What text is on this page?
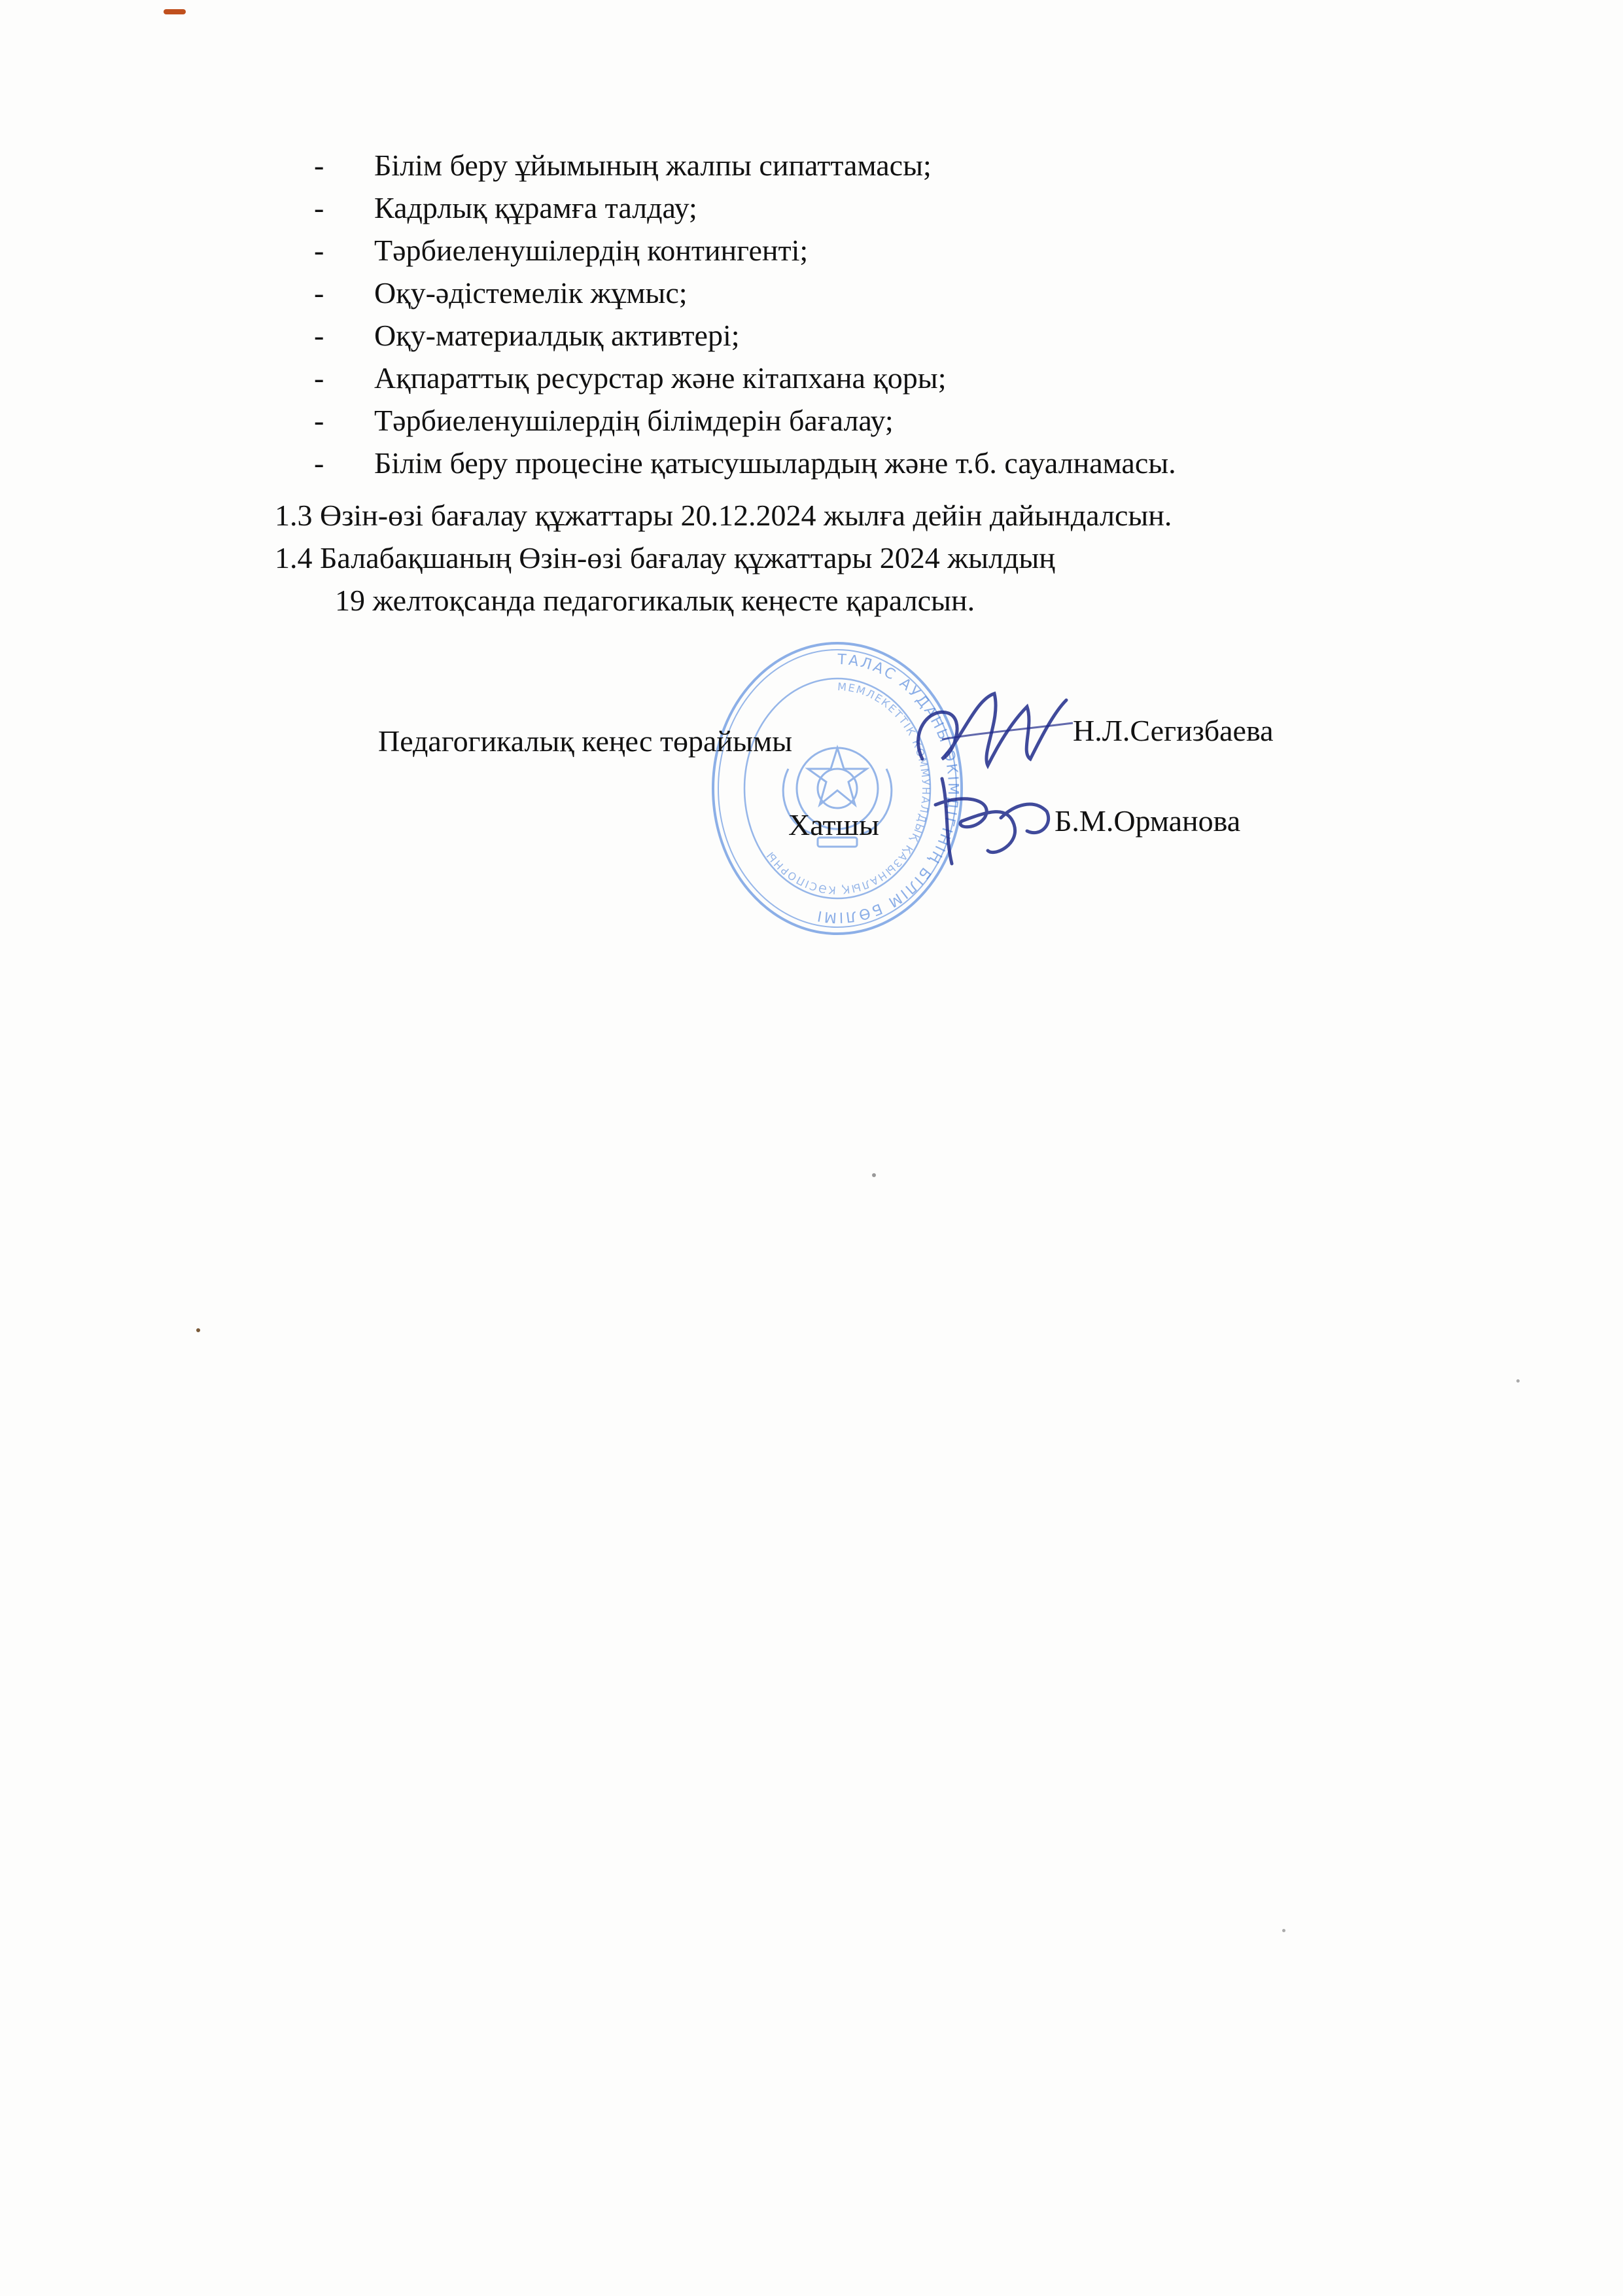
- Білім беру ұйымының жалпы сипаттамасы;
- Кадрлық құрамға талдау;
- Тәрбиеленушілердің контингенті;
- Оқу-әдістемелік жұмыс;
- Оқу-материалдық активтері;
- Ақпараттық ресурстар және кітапхана қоры;
- Тәрбиеленушілердің білімдерін бағалау;
- Білім беру процесіне қатысушылардың және т.б. сауалнамасы.
1.3 Өзін-өзі бағалау құжаттары 20.12.2024 жылға дейін дайындалсын.
1.4 Балабақшаның Өзін-өзі бағалау құжаттары 2024 жылдың
19 желтоқсанда педагогикалық кеңесте қаралсын.
ТАЛАС АУДАНЫ ӘКІМДІГІНІҢ БІЛІМ БӨЛІМІ
МЕМЛЕКЕТТІК КОММУНАЛДЫҚ ҚАЗЫНАЛЫҚ КӘСІПОРНЫ
Педагогикалық кеңес төрайымы	Н.Л.Сегизбаева
Хатшы	Б.М.Орманова
